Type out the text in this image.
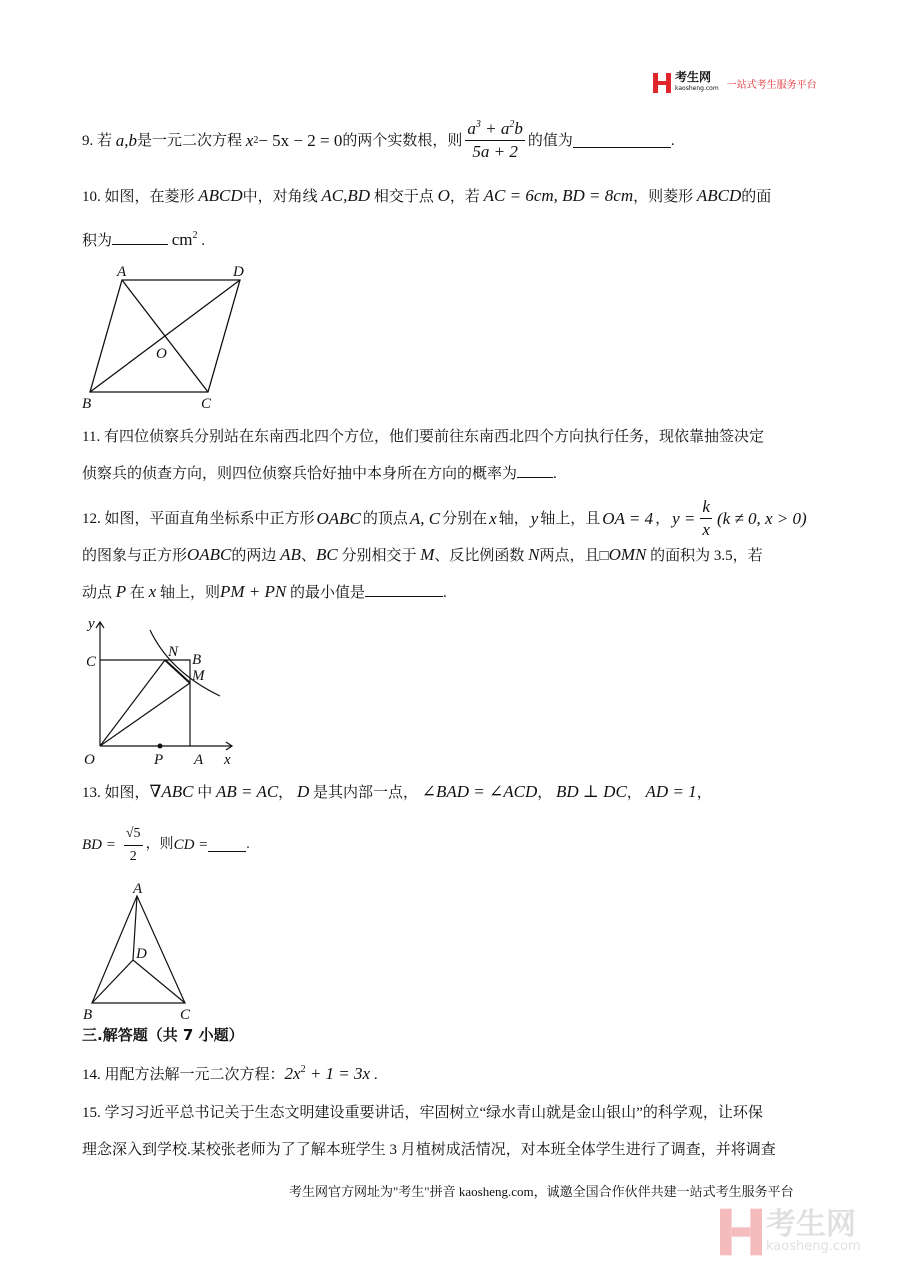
考生网
kaosheng.com 一站式考生服务平台
9. 若
a,b 是一元二次方程
x 2 − 5x − 2 = 0 的两个实数根，则 $\frac{a^3 + a^2b}{5a + 2}$ 的值为	.
10. 如图，在菱形 ABCD中，对角线 AC,BD 相交于点 O，若 AC = 6cm, BD = 8cm，则菱形 ABCD的面
积为	$cm^2$ .
A	D
B	C
O
11. 有四位侦察兵分别站在东南西北四个方位，他们要前往东南西北四个方向执行任务，现依靠抽签决定
侦察兵的侦查方向，则四位侦察兵恰好抽中本身所在方向的概率为 .
12. 如图，平面直角坐标系中正方形 OABC 的顶点 A, C 分别在 x 轴， y 轴上，且 OA = 4 ， $y = \frac{k}{x} (k \ne 0$, x > 0)
的图象与正方形OABC的两边 AB、BC 分别相交于 M、反比例函数 N两点，且□OMN 的面积为 3.5，若
动点 P 在 x 轴上，则PM + PN 的最小值是	.
y
x
O
C	B
N
M
P A
13. 如图，∇ABC 中 AB = AC， D 是其内部一点， ∠BAD = ∠ACD， BD ⊥ DC， AD = 1，
BD = $\frac{√5}{2}$ ，则 CD =	.
A
D
B	C
三.解答题（共 7 小题）
14. 用配方法解一元二次方程：$2x^2 + 1 = 3x$ .
15. 学习习近平总书记关于生态文明建设重要讲话，牢固树立“绿水青山就是金山银山”的科学观，让环保
理念深入到学校.某校张老师为了了解本班学生 3 月植树成活情况，对本班全体学生进行了调查，并将调查
考生网官方网址为"考生"拼音 kaosheng.com，诚邀全国合作伙伴共建一站式考生服务平台
考生网
kaosheng.com
